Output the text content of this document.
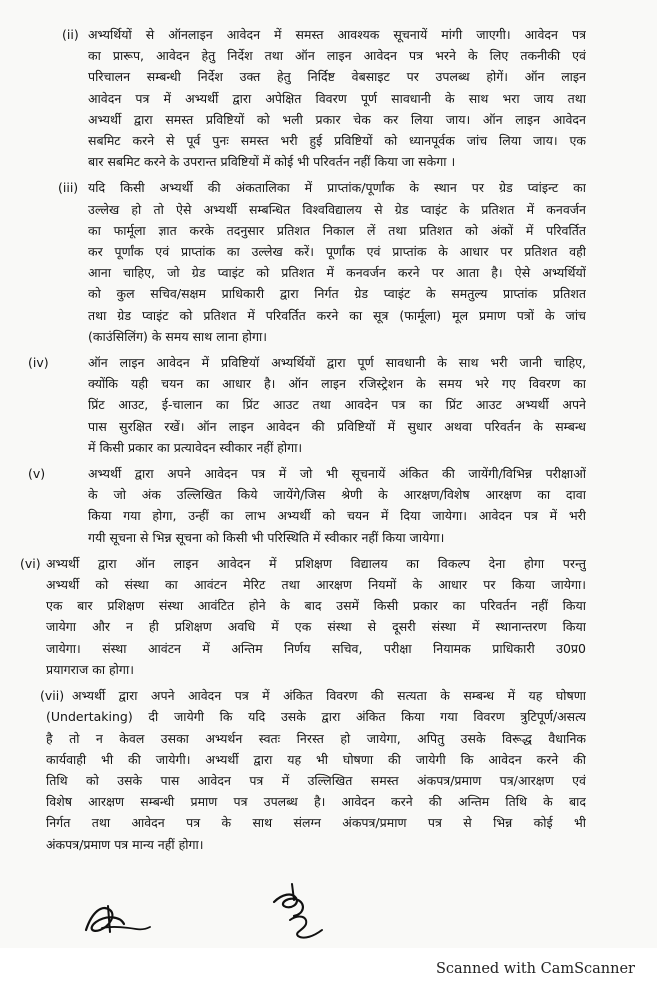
(ii) अभ्यर्थियों से ऑनलाइन आवेदन में समस्त आवश्यक सूचनायें मांगी जाएगी। आवेदन पत्र
का प्रारूप, आवेदन हेतु निर्देश तथा ऑन लाइन आवेदन पत्र भरने के लिए तकनीकी एवं
परिचालन सम्बन्धी निर्देश उक्त हेतु निर्दिष्ट वेबसाइट पर उपलब्ध होगें। ऑन लाइन
आवेदन पत्र में अभ्यर्थी द्वारा अपेक्षित विवरण पूर्ण सावधानी के साथ भरा जाय तथा
अभ्यर्थी द्वारा समस्त प्रविष्टियों को भली प्रकार चेक कर लिया जाय। ऑन लाइन आवेदन
सबमिट करने से पूर्व पुनः समस्त भरी हुई प्रविष्टियों को ध्यानपूर्वक जांच लिया जाय। एक
बार सबमिट करने के उपरान्त प्रविष्टियों में कोई भी परिवर्तन नहीं किया जा सकेगा ।
(iii) यदि किसी अभ्यर्थी की अंकतालिका में प्राप्तांक/पूर्णांक के स्थान पर ग्रेड प्वांइन्ट का
उल्लेख हो तो ऐसे अभ्यर्थी सम्बन्धित विश्वविद्यालय से ग्रेड प्वाइंट के प्रतिशत में कनवर्जन
का फार्मूला ज्ञात करके तदनुसार प्रतिशत निकाल लें तथा प्रतिशत को अंकों में परिवर्तित
कर पूर्णांक एवं प्राप्तांक का उल्लेख करें। पूर्णांक एवं प्राप्तांक के आधार पर प्रतिशत वही
आना चाहिए, जो ग्रेड प्वाइंट को प्रतिशत में कनवर्जन करने पर आता है। ऐसे अभ्यर्थियों
को कुल सचिव/सक्षम प्राधिकारी द्वारा निर्गत ग्रेड प्वाइंट के समतुल्य प्राप्तांक प्रतिशत
तथा ग्रेड प्वाइंट को प्रतिशत में परिवर्तित करने का सूत्र (फार्मूला) मूल प्रमाण पत्रों के जांच
(काउंसिलिंग) के समय साथ लाना होगा।
(iv)	ऑन लाइन आवेदन में प्रविष्टियॉ अभ्यर्थियों द्वारा पूर्ण सावधानी के साथ भरी जानी चाहिए,
क्योंकि यही चयन का आधार है। ऑन लाइन रजिस्ट्रेशन के समय भरे गए विवरण का
प्रिंट आउट, ई-चालान का प्रिंट आउट तथा आवदेन पत्र का प्रिंट आउट अभ्यर्थी अपने
पास सुरक्षित रखें। ऑन लाइन आवेदन की प्रविष्टियों में सुधार अथवा परिवर्तन के सम्बन्ध
में किसी प्रकार का प्रत्यावेदन स्वीकार नहीं होगा।
(v)	अभ्यर्थी द्वारा अपने आवेदन पत्र में जो भी सूचनायें अंकित की जायेंगी/विभिन्न परीक्षाओं
के जो अंक उल्लिखित किये जायेंगे/जिस श्रेणी के आरक्षण/विशेष आरक्षण का दावा
किया गया होगा, उन्हीं का लाभ अभ्यर्थी को चयन में दिया जायेगा। आवेदन पत्र में भरी
गयी सूचना से भिन्न सूचना को किसी भी परिस्थिति में स्वीकार नहीं किया जायेगा।
(vi) अभ्यर्थी द्वारा ऑन लाइन आवेदन में प्रशिक्षण विद्यालय का विकल्प देना होगा परन्तु
अभ्यर्थी को संस्था का आवंटन मेरिट तथा आरक्षण नियमों के आधार पर किया जायेगा।
एक बार प्रशिक्षण संस्था आवंटित होने के बाद उसमें किसी प्रकार का परिवर्तन नहीं किया
जायेगा और न ही प्रशिक्षण अवधि में एक संस्था से दूसरी संस्था में स्थानान्तरण किया
जायेगा। संस्था आवंटन में अन्तिम निर्णय सचिव, परीक्षा नियामक प्राधिकारी उ0प्र0
प्रयागराज का होगा।
(vii) अभ्यर्थी द्वारा अपने आवेदन पत्र में अंकित विवरण की सत्यता के सम्बन्ध में यह घोषणा
(Undertaking) दी जायेगी कि यदि उसके द्वारा अंकित किया गया विवरण त्रुटिपूर्ण/असत्य
है तो न केवल उसका अभ्यर्थन स्वतः निरस्त हो जायेगा, अपितु उसके विरूद्ध वैधानिक
कार्यवाही भी की जायेगी। अभ्यर्थी द्वारा यह भी घोषणा की जायेगी कि आवेदन करने की
तिथि को उसके पास आवेदन पत्र में उल्लिखित समस्त अंकपत्र/प्रमाण पत्र/आरक्षण एवं
विशेष आरक्षण सम्बन्धी प्रमाण पत्र उपलब्ध है। आवेदन करने की अन्तिम तिथि के बाद
निर्गत तथा आवेदन पत्र के साथ संलग्न अंकपत्र/प्रमाण पत्र से भिन्न कोई भी
अंकपत्र/प्रमाण पत्र मान्य नहीं होगा।
Scanned with CamScanner
